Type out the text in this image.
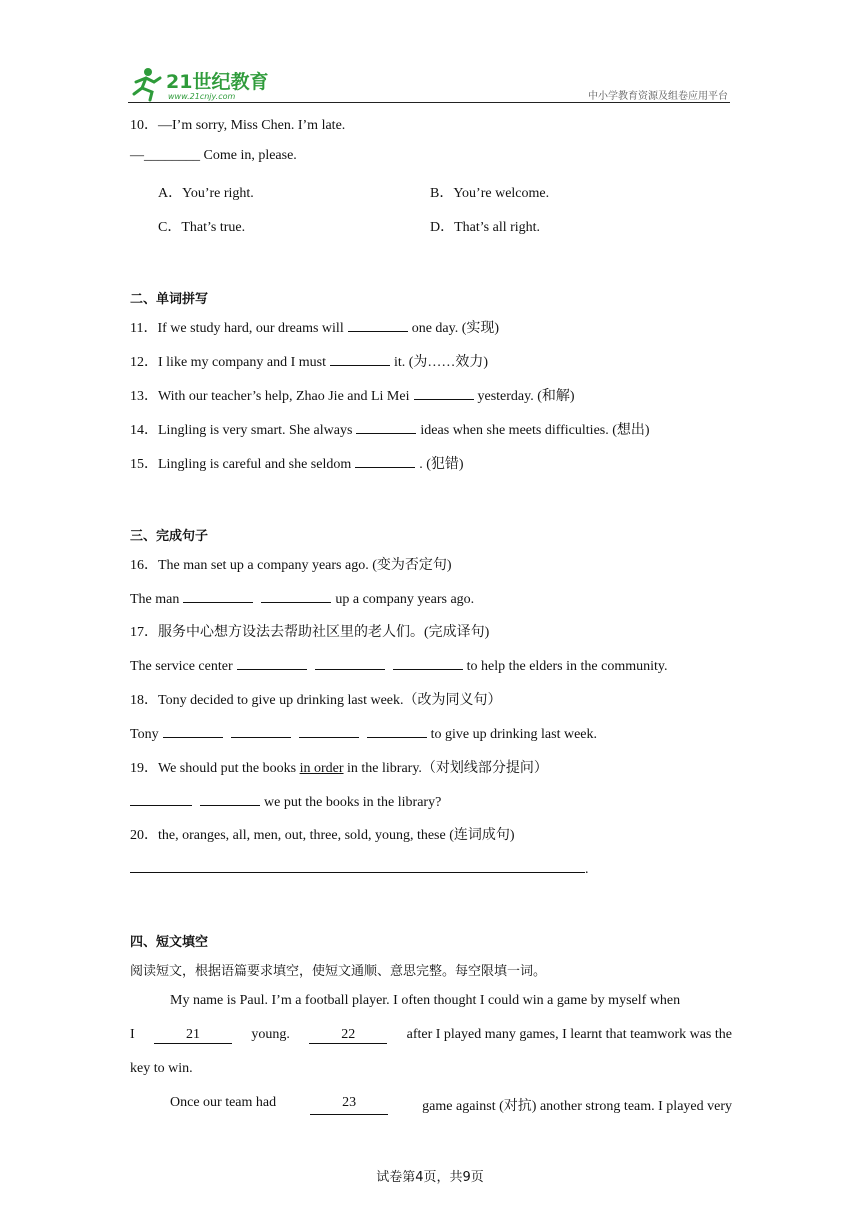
21世纪教育
www.21cnjy.com	中小学教育资源及组卷应用平台
10．—I’m sorry, Miss Chen. I’m late.
—________ Come in, please.
A．You’re right.	B．You’re welcome.
C．That’s true.	D．That’s all right.
二、单词拼写
11．If we study hard, our dreams will	one day. (实现)
12．I like my company and I must	it. (为……效力)
13．With our teacher’s help, Zhao Jie and Li Mei	yesterday. (和解)
14．Lingling is very smart. She always	ideas when she meets difficulties. (想出)
15．Lingling is careful and she seldom	. (犯错)
三、完成句子
16．The man set up a company years ago. (变为否定句)
The man	up a company years ago.
17．服务中心想方设法去帮助社区里的老人们。(完成译句)
The service center	to help the elders in the community.
18．Tony decided to give up drinking last week.（改为同义句）
Tony	to give up drinking last week.
19．We should put the books in order in the library.（对划线部分提问）
we put the books in the library?
20．the, oranges, all, men, out, three, sold, young, these (连词成句)
.
四、短文填空
阅读短文，根据语篇要求填空，使短文通顺、意思完整。每空限填一词。
My name is Paul. I’m a football player. I often thought I could win a game by myself when
I	21	young.	22	after I played many games, I learnt that teamwork was the
key to win.
Once our team had	23	game against (对抗) another strong team. I played very
试卷第4页，共9页
